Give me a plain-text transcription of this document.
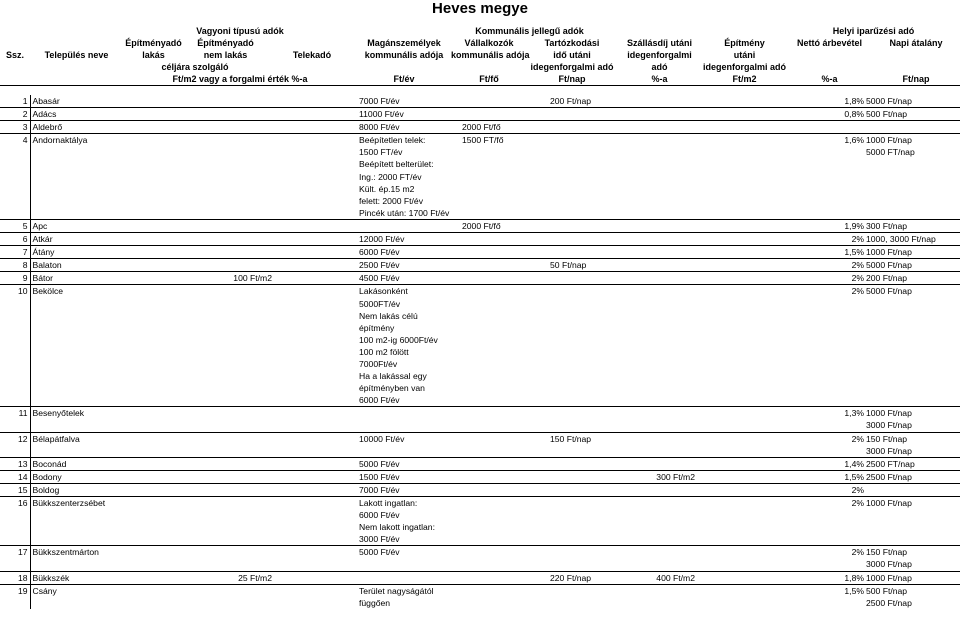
Heves megye
		Vagyoni típusú adók			Kommunális jellegű adók					Helyi iparűzési adó	
		Építményadó	Építményadó		Magánszemélyek	Vállalkozók	Tartózkodási	Szállásdíj utáni	Építmény	Nettó árbevétel	Napi átalány
Ssz.	Település neve	lakás	nem lakás	Telekadó	kommunális adója	kommunális adója	idő utáni	idegenforgalmi	utáni		
		céljára szolgáló					idegenforgalmi adó	adó	idegenforgalmi adó		
		Ft/m2 vagy a forgalmi érték %-a			Ft/év	Ft/fő	Ft/nap	%-a	Ft/m2	%-a	Ft/nap
1	Abasár				7000 Ft/év		200 Ft/nap			1,8%	5000 Ft/nap
2	Adács				11000 Ft/év					0,8%	500 Ft/nap
3	Aldebrő				8000 Ft/év	2000 Ft/fő					
4	Andornaktálya				Beépítetlen telek:	1500 FT/fő				1,6%	1000 Ft/nap
					1500 FT/év						5000 FT/nap
					Beépített belterület:						
					Ing.: 2000 FT/év						
					Kült. ép.15 m2						
					felett: 2000 Ft/év						
					Pincék után: 1700 Ft/év						
5	Apc					2000 Ft/fő				1,9%	300 Ft/nap
6	Atkár				12000 Ft/év					2%	1000, 3000 Ft/nap
7	Átány				6000 Ft/év					1,5%	1000 Ft/nap
8	Balaton				2500 Ft/év		50 Ft/nap			2%	5000 Ft/nap
9	Bátor		100 Ft/m2		4500 Ft/év					2%	200 Ft/nap
10	Bekölce				Lakásonként					2%	5000 Ft/nap
					5000FT/év						
					Nem lakás célú						
					építmény						
					100 m2-ig 6000Ft/év						
					100 m2 fölött						
					7000Ft/év						
					Ha a lakással egy						
					építményben van						
					6000 Ft/év						
11	Besenyőtelek									1,3%	1000 Ft/nap
											3000 Ft/nap
12	Bélapátfalva				10000 Ft/év		150 Ft/nap			2%	150 Ft/nap
											3000 Ft/nap
13	Boconád				5000 Ft/év					1,4%	2500 FT/nap
14	Bodony				1500 Ft/év			300 Ft/m2		1,5%	2500 Ft/nap
15	Boldog				7000 Ft/év					2%	
16	Bükkszenterzsébet				Lakott ingatlan:					2%	1000 Ft/nap
					6000 Ft/év						
					Nem lakott ingatlan:						
					3000 Ft/év						
17	Bükkszentmárton				5000 Ft/év					2%	150 Ft/nap
											3000 Ft/nap
18	Bükkszék		25 Ft/m2				220 Ft/nap	400 Ft/m2		1,8%	1000 Ft/nap
19	Csány				Terület nagyságától					1,5%	500 Ft/nap
					függően						2500 Ft/nap
